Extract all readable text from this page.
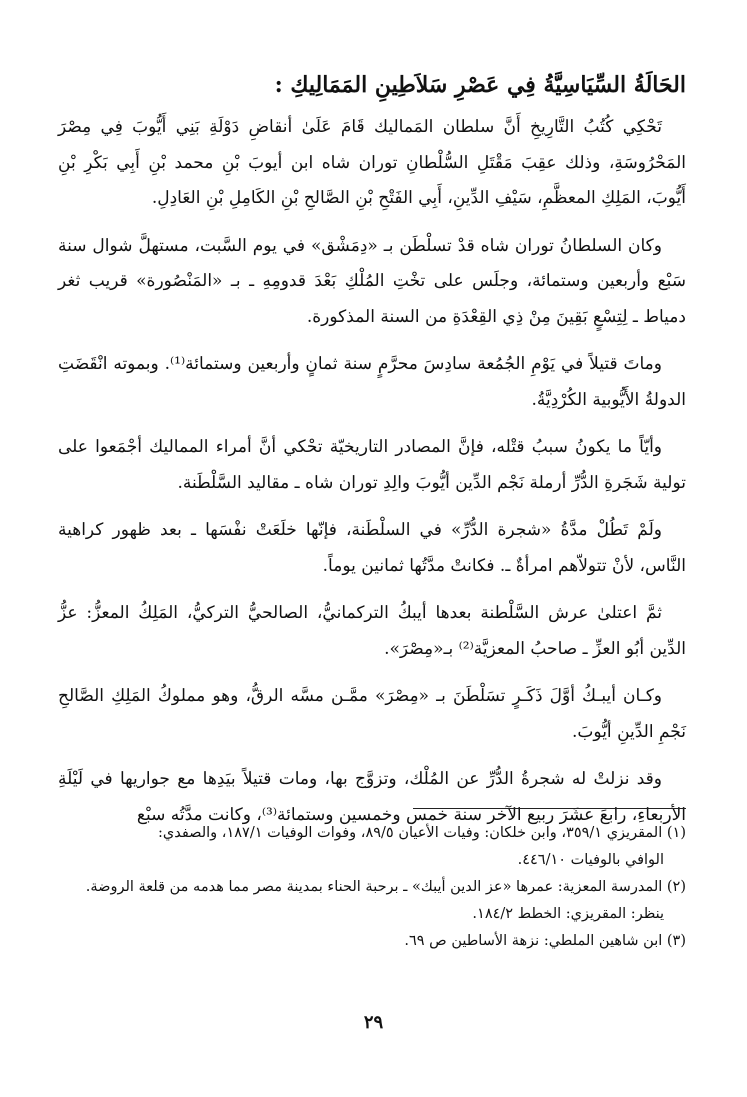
الحَالَةُ السِّيَاسِيَّةُ فِي عَصْرِ سَلاَطِينِ المَمَالِيكِ :

تَحْكِي كُتُبُ التَّارِيخِ أَنَّ سلطان المَماليك قَامَ عَلَىٰ أنقاضِ دَوْلَةِ بَنِي أَيُّوبَ فِي مِصْرَ المَحْرُوسَةِ، وذلك عقِبَ مَقْتَلِ السُّلْطانِ توران شاه ابن أيوبَ بْنِ محمد بْنِ أَبِي بَكْرِ بْنِ أَيُّوبَ، المَلِكِ المعظَّمِ، سَيْفِ الدِّينِ، أَبِي الفَتْحِ بْنِ الصَّالحِ بْنِ الكَامِلِ بْنِ العَادِلِ.

وكان السلطانُ توران شاه قدْ تسلْطَن بـ «دِمَشْق» في يوم السَّبت، مستهلَّ شوال سنة سَبْع وأربعين وستمائة، وجلَس على تخْتِ المُلْكِ بَعْدَ قدومِهِ ـ بـ «المَنْصُورة» قريب ثغر دمياط ـ لِتِسْعٍ بَقِينَ مِنْ ذِي القِعْدَةِ من السنة المذكورة.

وماتَ قتيلاً في يَوْمِ الجُمُعة سادِسَ محرَّمٍ سنة ثمانٍ وأربعين وستمائة⁽¹⁾. وبموته انْقَضَتِ الدولةُ الأَيُّوبية الكُرْدِيَّةُ.

وأيّاً ما يكونُ سببُ قتْله، فإنَّ المصادر التاريخيّة تحْكي أنَّ أمراء المماليك أجْمَعوا على تولية شَجَرةِ الدُّرِّ أرملة نَجْم الدِّين أيُّوبَ والِدِ توران شاه ـ مقاليد السَّلْطَنة.

ولَمْ تَطُلْ مدَّةُ «شجرة الدُّرِّ» في السلْطَنة، فإنّها خلَعَتْ نفْسَها ـ بعد ظهور كراهية النَّاس، لأنْ تتولاّهم امرأةٌ ـ. فكانتْ مدَّتُها ثمانين يوماً.

ثمَّ اعتلىٰ عرش السَّلْطنة بعدها أيبكُ التركمانيُّ، الصالحيُّ التركيُّ، المَلِكُ المعزُّ: عزُّ الدِّين أبُو العزِّ ـ صاحبُ المعزيَّة⁽²⁾ بـ«مِصْرَ».

وكـان أيبـكُ أوَّلَ ذَكَـرٍ تسَلْطَنَ بـ «مِصْرَ» ممَّـن مسَّه الرقُّ، وهو مملوكُ المَلِكِ الصَّالحِ نَجْمِ الدِّينِ أيُّوبَ.

وقد نزلتْ له شجرةُ الدُّرِّ عن المُلْك، وتزوَّج بها، ومات قتيلاً بيَدِها مع جواريها في لَيْلَةِ الأربعاءِ، رابعَ عشَرَ ربيع الآخر سنة خمس وخمسين وستمائة⁽³⁾، وكانت مدَّتُه سبْع

(١) المقريزي ٣٥٩/١، وابن خلكان: وفيات الأعيان ٨٩/٥، وفوات الوفيات ١٨٧/١، والصفدي:

الوافي بالوفيات ٤٤٦/١٠.

(٢) المدرسة المعزية: عمرها «عز الدين أيبك» ـ برحبة الحناء بمدينة مصر مما هدمه من قلعة الروضة.

ينظر: المقريزي: الخطط ١٨٤/٢.

(٣) ابن شاهين الملطي: نزهة الأساطين ص ٦٩.

٢٩
